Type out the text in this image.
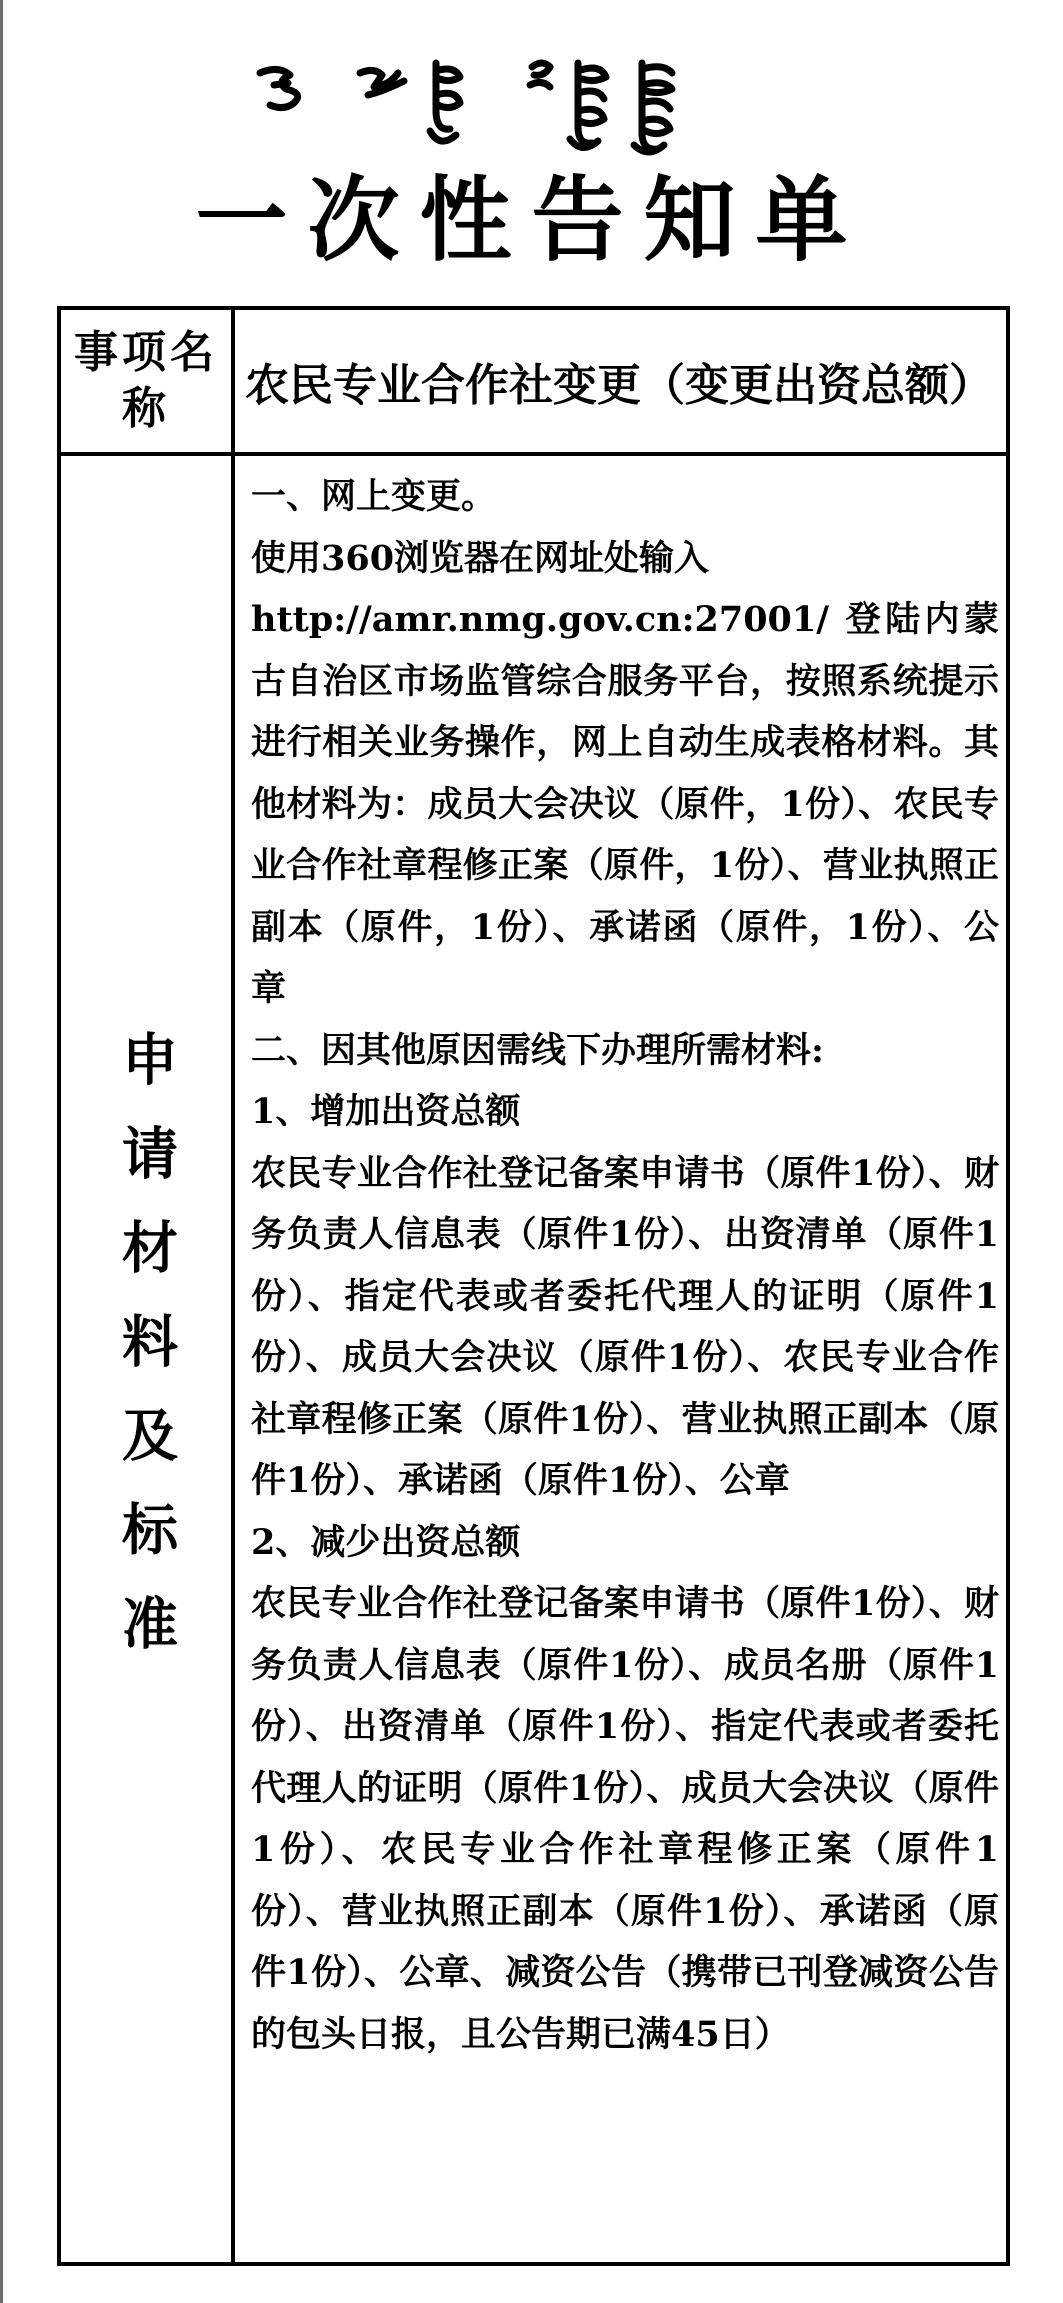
一次性告知单
事项名称	农民专业合作社变更（变更出资总额）
申请材料及标准

一、网上变更。

使用360浏览器在网址处输入

http://amr.nmg.gov.cn:27001/ 登陆内蒙古自治区市场监管综合服务平台，按照系统提示进行相关业务操作，网上自动生成表格材料。其他材料为：成员大会决议（原件，1份）、农民专业合作社章程修正案（原件，1份）、营业执照正副本（原件，1份）、承诺函（原件，1份）、公章

二、因其他原因需线下办理所需材料:

1、增加出资总额

农民专业合作社登记备案申请书（原件1份）、财务负责人信息表（原件1份）、出资清单（原件1份）、指定代表或者委托代理人的证明（原件1份）、成员大会决议（原件1份）、农民专业合作社章程修正案（原件1份）、营业执照正副本（原件1份）、承诺函（原件1份）、公章

2、减少出资总额

农民专业合作社登记备案申请书（原件1份）、财务负责人信息表（原件1份）、成员名册（原件1份）、出资清单（原件1份）、指定代表或者委托代理人的证明（原件1份）、成员大会决议（原件1份）、农民专业合作社章程修正案（原件1份）、营业执照正副本（原件1份）、承诺函（原件1份）、公章、减资公告（携带已刊登减资公告的包头日报，且公告期已满45日）
